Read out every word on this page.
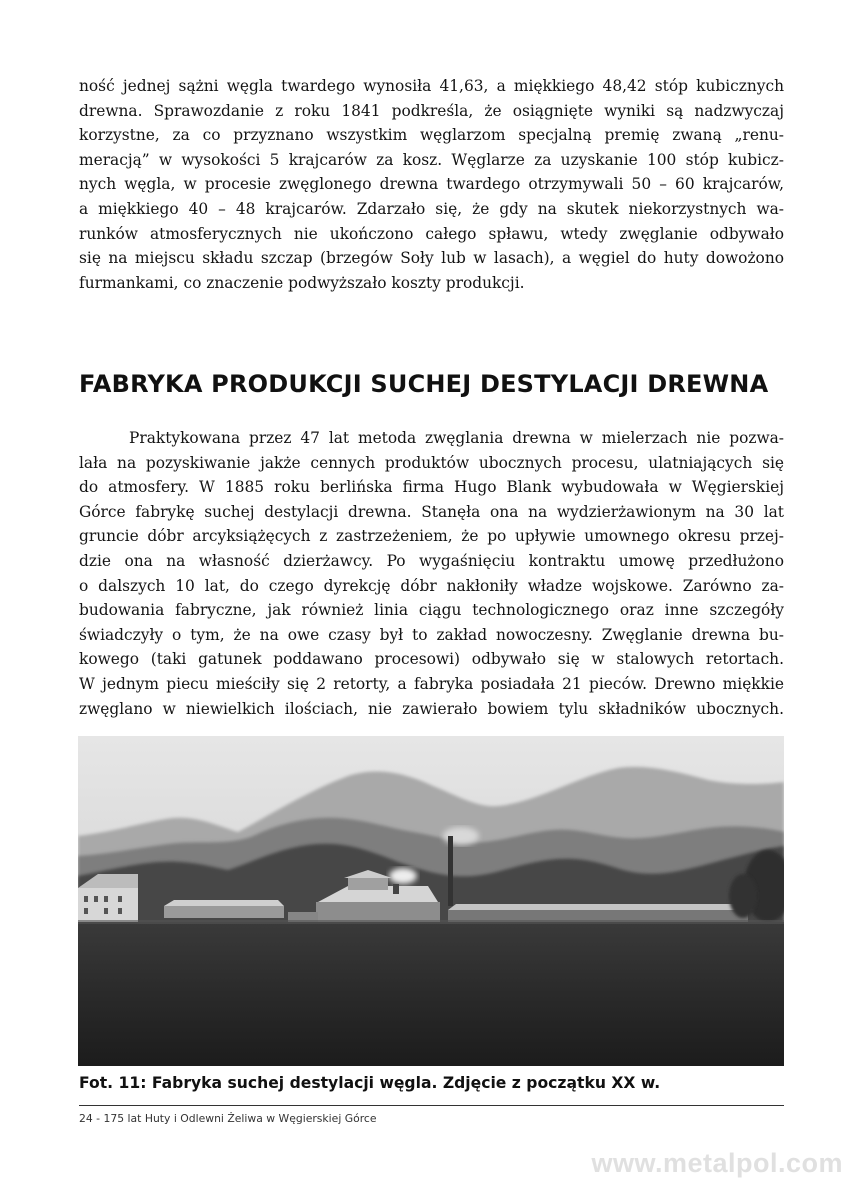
ność jednej sążni węgla twardego wynosiła 41,63, a miękkiego 48,42 stóp kubicznych
drewna. Sprawozdanie z roku 1841 podkreśla, że osiągnięte wyniki są nadzwyczaj
korzystne, za co przyznano wszystkim węglarzom specjalną premię zwaną „renu-
meracją” w wysokości 5 krajcarów za kosz. Węglarze za uzyskanie 100 stóp kubicz-
nych węgla, w procesie zwęglonego drewna twardego otrzymywali 50 – 60 krajcarów,
a miękkiego 40 – 48 krajcarów. Zdarzało się, że gdy na skutek niekorzystnych wa-
runków atmosferycznych nie ukończono całego spławu, wtedy zwęglanie odbywało
się na miejscu składu szczap (brzegów Soły lub w lasach), a węgiel do huty dowożono
furmankami, co znaczenie podwyższało koszty produkcji.
FABRYKA PRODUKCJI SUCHEJ DESTYLACJI DREWNA
Praktykowana przez 47 lat metoda zwęglania drewna w mielerzach nie pozwa-
lała na pozyskiwanie jakże cennych produktów ubocznych procesu, ulatniających się
do atmosfery. W 1885 roku berlińska firma Hugo Blank wybudowała w Węgierskiej
Górce fabrykę suchej destylacji drewna. Stanęła ona na wydzierżawionym na 30 lat
gruncie dóbr arcyksiążęcych z zastrzeżeniem, że po upływie umownego okresu przej-
dzie ona na własność dzierżawcy. Po wygaśnięciu kontraktu umowę przedłużono
o dalszych 10 lat, do czego dyrekcję dóbr nakłoniły władze wojskowe. Zarówno za-
budowania fabryczne, jak również linia ciągu technologicznego oraz inne szczegóły
świadczyły o tym, że na owe czasy był to zakład nowoczesny. Zwęglanie drewna bu-
kowego (taki gatunek poddawano procesowi) odbywało się w stalowych retortach.
W jednym piecu mieściły się 2 retorty, a fabryka posiadała 21 pieców. Drewno miękkie
zwęglano w niewielkich ilościach, nie zawierało bowiem tylu składników ubocznych.

Fot. 11: Fabryka suchej destylacji węgla. Zdjęcie z początku XX w.

24 - 175 lat Huty i Odlewni Żeliwa w Węgierskiej Górce

www.metalpol.com
